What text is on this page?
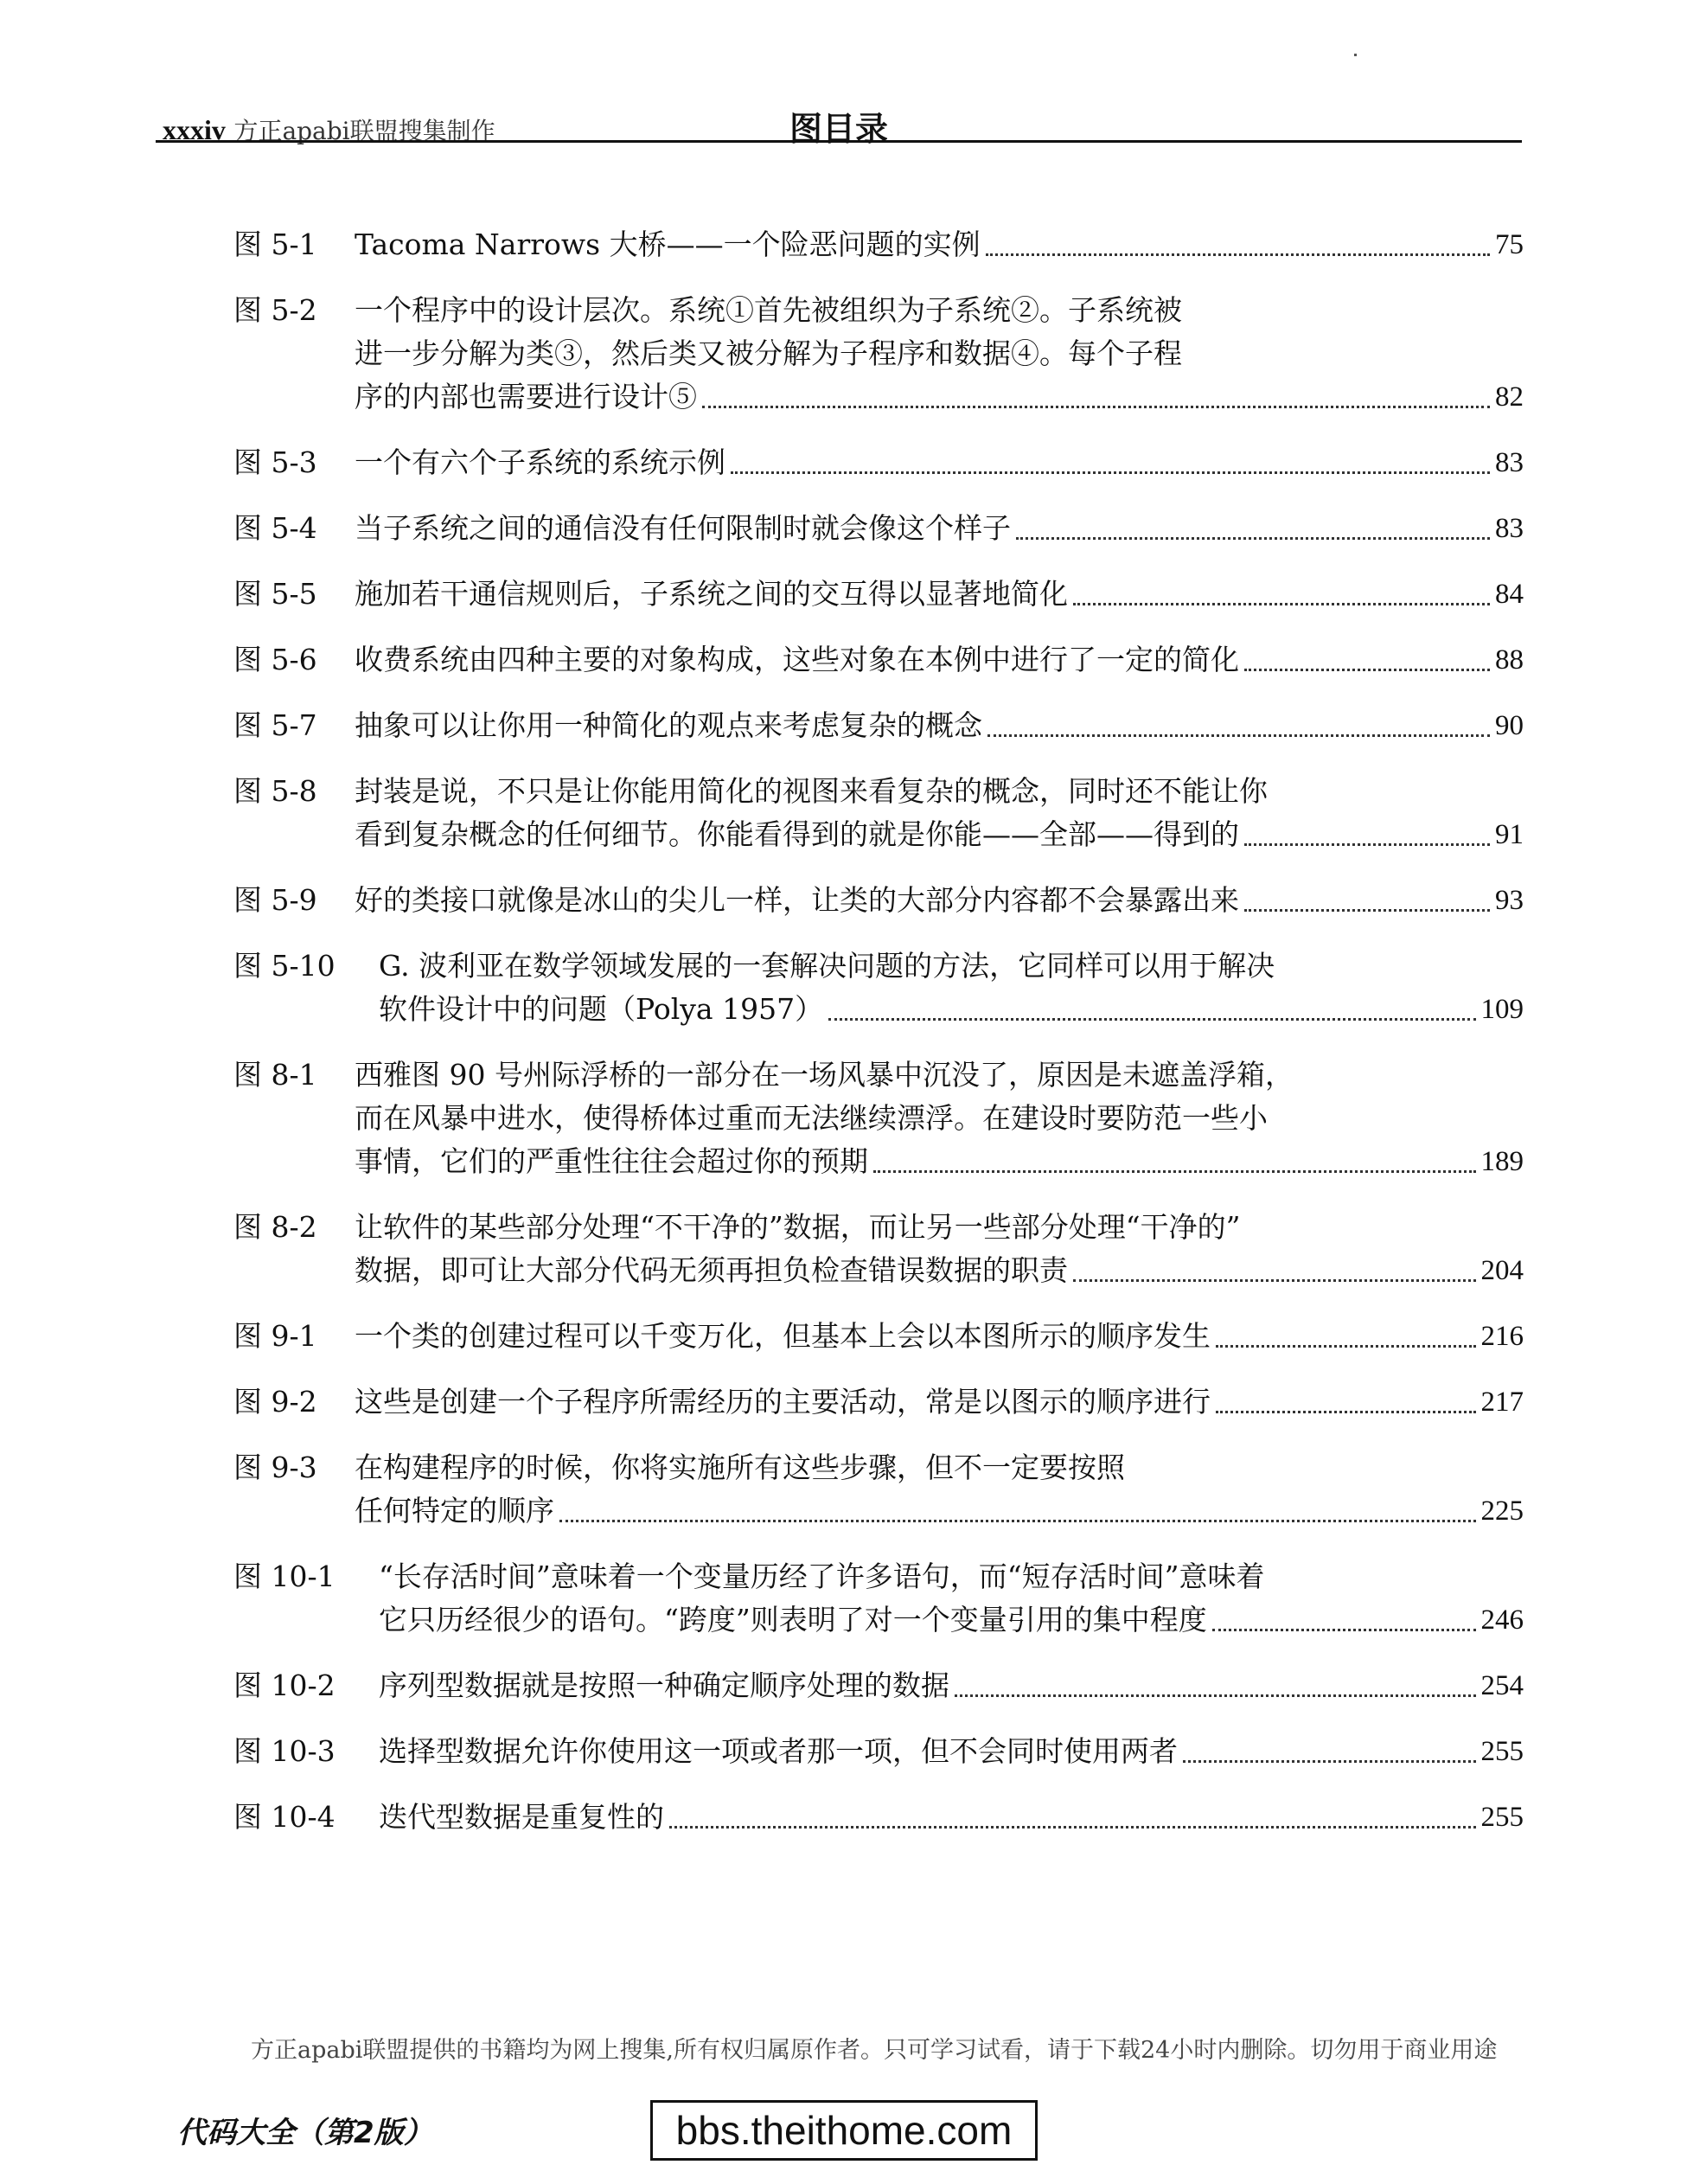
xxxiv 方正apabi联盟搜集制作	图目录
图 5-1 Tacoma Narrows 大桥——一个险恶问题的实例	75
图 5-2 一个程序中的设计层次。系统①首先被组织为子系统②。子系统被
进一步分解为类③，然后类又被分解为子程序和数据④。每个子程
序的内部也需要进行设计⑤	82
图 5-3 一个有六个子系统的系统示例	83
图 5-4 当子系统之间的通信没有任何限制时就会像这个样子	83
图 5-5 施加若干通信规则后，子系统之间的交互得以显著地简化	84
图 5-6 收费系统由四种主要的对象构成，这些对象在本例中进行了一定的简化	88
图 5-7 抽象可以让你用一种简化的观点来考虑复杂的概念	90
图 5-8 封装是说，不只是让你能用简化的视图来看复杂的概念，同时还不能让你
看到复杂概念的任何细节。你能看得到的就是你能——全部——得到的	91
图 5-9 好的类接口就像是冰山的尖儿一样，让类的大部分内容都不会暴露出来	93
图 5-10 G. 波利亚在数学领域发展的一套解决问题的方法，它同样可以用于解决
软件设计中的问题（Polya 1957）	109
图 8-1 西雅图 90 号州际浮桥的一部分在一场风暴中沉没了，原因是未遮盖浮箱，
而在风暴中进水，使得桥体过重而无法继续漂浮。在建设时要防范一些小
事情，它们的严重性往往会超过你的预期	189
图 8-2 让软件的某些部分处理“不干净的”数据，而让另一些部分处理“干净的”
数据，即可让大部分代码无须再担负检查错误数据的职责	204
图 9-1 一个类的创建过程可以千变万化，但基本上会以本图所示的顺序发生	216
图 9-2 这些是创建一个子程序所需经历的主要活动，常是以图示的顺序进行	217
图 9-3 在构建程序的时候，你将实施所有这些步骤，但不一定要按照
任何特定的顺序	225
图 10-1 “长存活时间”意味着一个变量历经了许多语句，而“短存活时间”意味着
它只历经很少的语句。“跨度”则表明了对一个变量引用的集中程度	246
图 10-2 序列型数据就是按照一种确定顺序处理的数据	254
图 10-3 选择型数据允许你使用这一项或者那一项，但不会同时使用两者	255
图 10-4 迭代型数据是重复性的	255
方正apabi联盟提供的书籍均为网上搜集,所有权归属原作者。只可学习试看，请于下载24小时内删除。切勿用于商业用途
代码大全（第2版）	bbs.theithome.com
